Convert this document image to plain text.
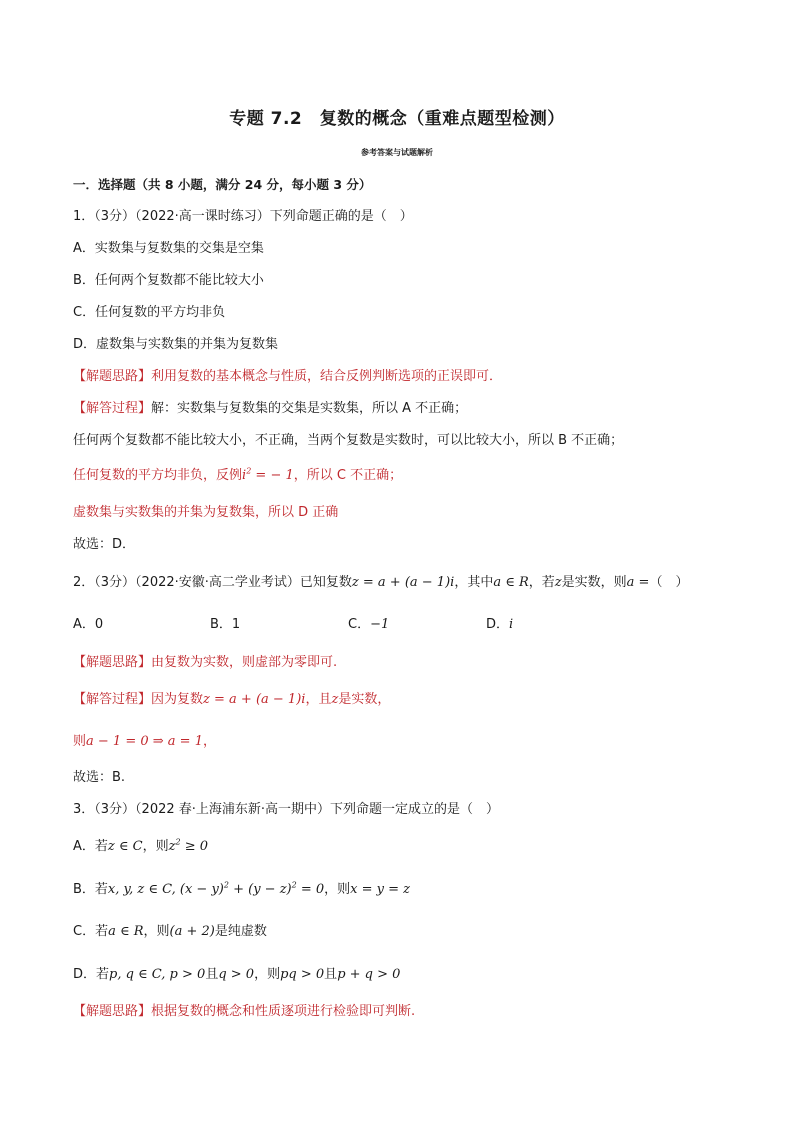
专题 7.2　复数的概念（重难点题型检测）
参考答案与试题解析
一．选择题（共 8 小题，满分 24 分，每小题 3 分）
1．（3分）（2022·高一课时练习）下列命题正确的是（　）
A．实数集与复数集的交集是空集
B．任何两个复数都不能比较大小
C．任何复数的平方均非负
D．虚数集与实数集的并集为复数集
【解题思路】利用复数的基本概念与性质，结合反例判断选项的正误即可．
【解答过程】解：实数集与复数集的交集是实数集，所以 A 不正确；
任何两个复数都不能比较大小，不正确，当两个复数是实数时，可以比较大小，所以 B 不正确；
任何复数的平方均非负，反例$i^2$ = − 1，所以 C 不正确；
虚数集与实数集的并集为复数集，所以 D 正确
故选：D．
2．（3分）（2022·安徽·高二学业考试）已知复数z = a + (a − 1)i，其中a ∈ R，若z是实数，则a =（　）
A．0	B．1	C．−1	D．i
【解题思路】由复数为实数，则虚部为零即可.
【解答过程】因为复数z = a + (a − 1)i，且z是实数，
则a − 1 = 0 ⇒ a = 1，
故选：B.
3．（3分）（2022 春·上海浦东新·高一期中）下列命题一定成立的是（　）
A．若z ∈ C，则$z^2 \ge 0$
B．若x, y, z ∈ C, $(x - y)^2 + (y - z)^2 = 0$，则x = y = z
C．若a ∈ R，则(a + 2)是纯虚数
D．若p, q ∈ C, p > 0且q > 0，则pq > 0且p + q > 0
【解题思路】根据复数的概念和性质逐项进行检验即可判断.
